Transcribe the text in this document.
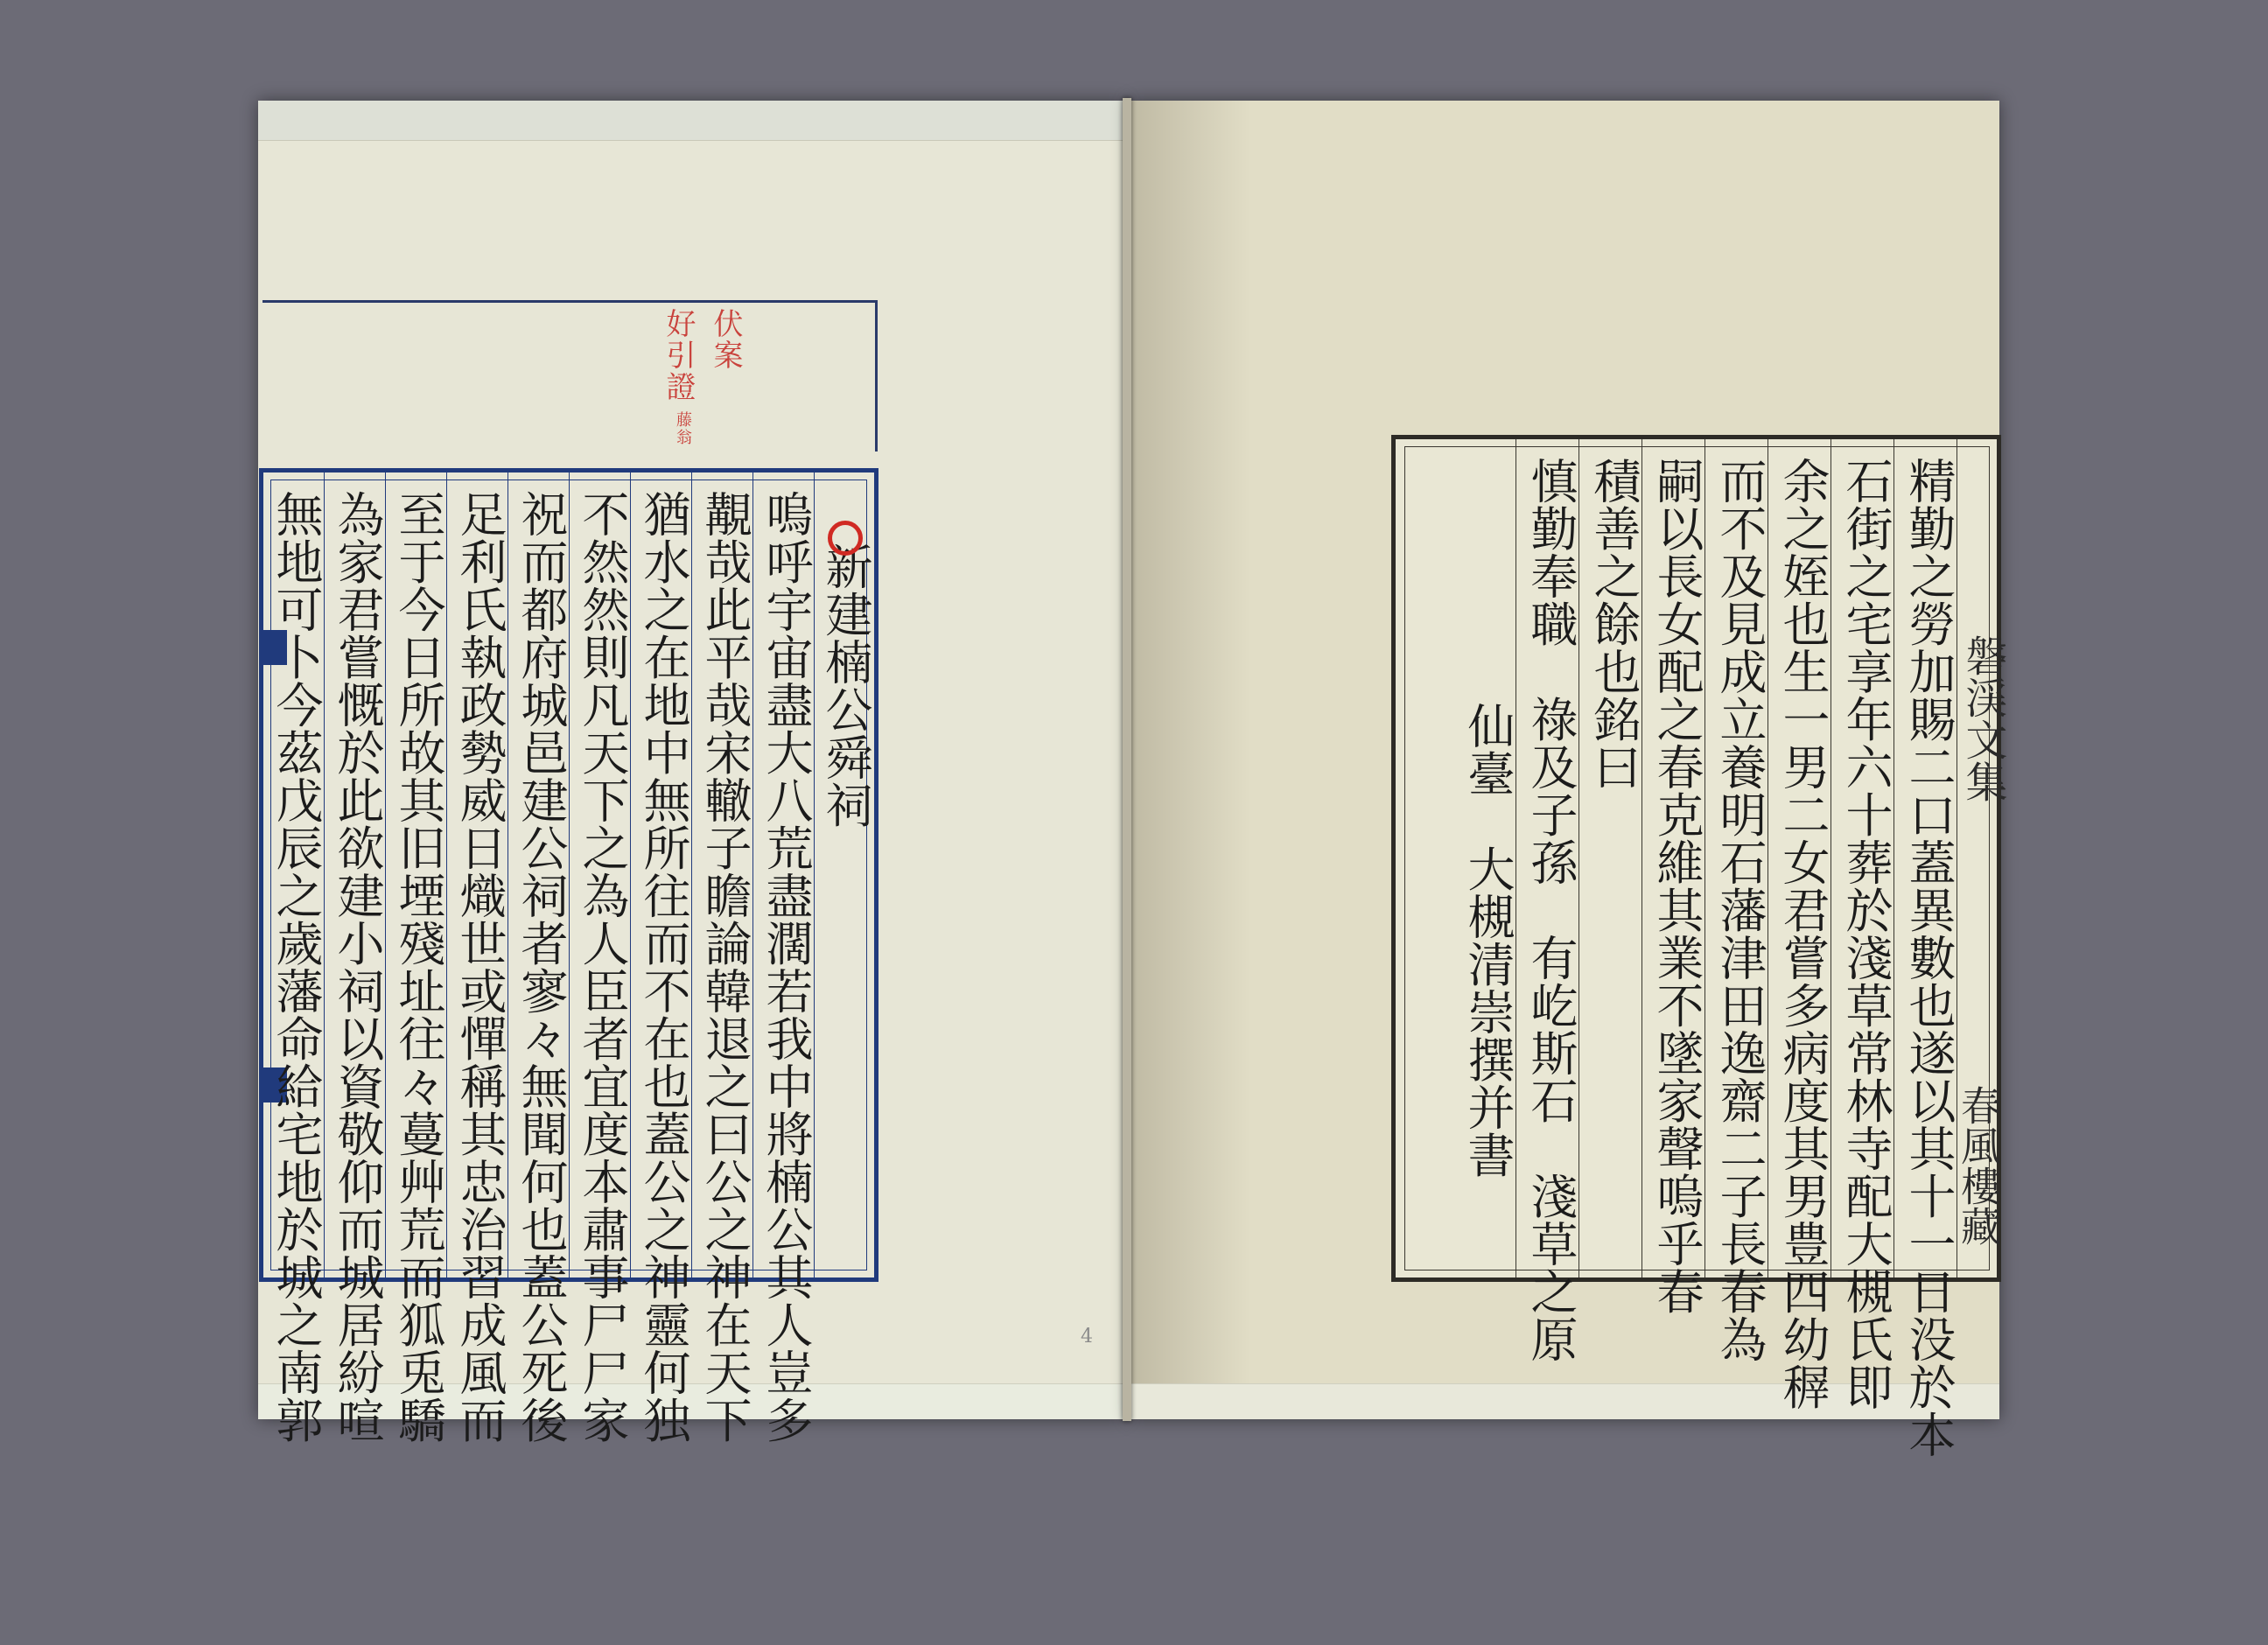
伏案
好引證
藤翁
新建楠公舜祠
嗚呼宇宙盡大八荒盡濶若我中將楠公其人豈多
覯哉此平哉宋轍子瞻論韓退之曰公之神在天下
猶水之在地中無所往而不在也蓋公之神靈何独
不然然則凡天下之為人臣者宜度本肅事尸尸家
祝而都府城邑建公祠者寥々無聞何也蓋公死後
足利氏執政勢威日熾世或憚稱其忠治習成風而
至于今日所故其旧堙殘址往々蔓艸荒而狐兎驕
為家君嘗慨於此欲建小祠以資敬仰而城居紛喧
無地可卜今茲戊辰之歲藩命給宅地於城之南郭	4	精勤之勞加賜二口蓋異數也遂以其十一日没於本
石街之宅享年六十葬於淺草常林寺配大槻氏即
余之姪也生一男二女君嘗多病度其男豊四幼稺
而不及見成立養明石藩津田逸齋二子長春為
嗣以長女配之春克維其業不墜家聲嗚乎春
積善之餘也銘曰
慎勤奉職　祿及子孫　有屹斯石　淺草之原
仙臺　大槻清崇撰并書	磐渓文集
春風樓藏
